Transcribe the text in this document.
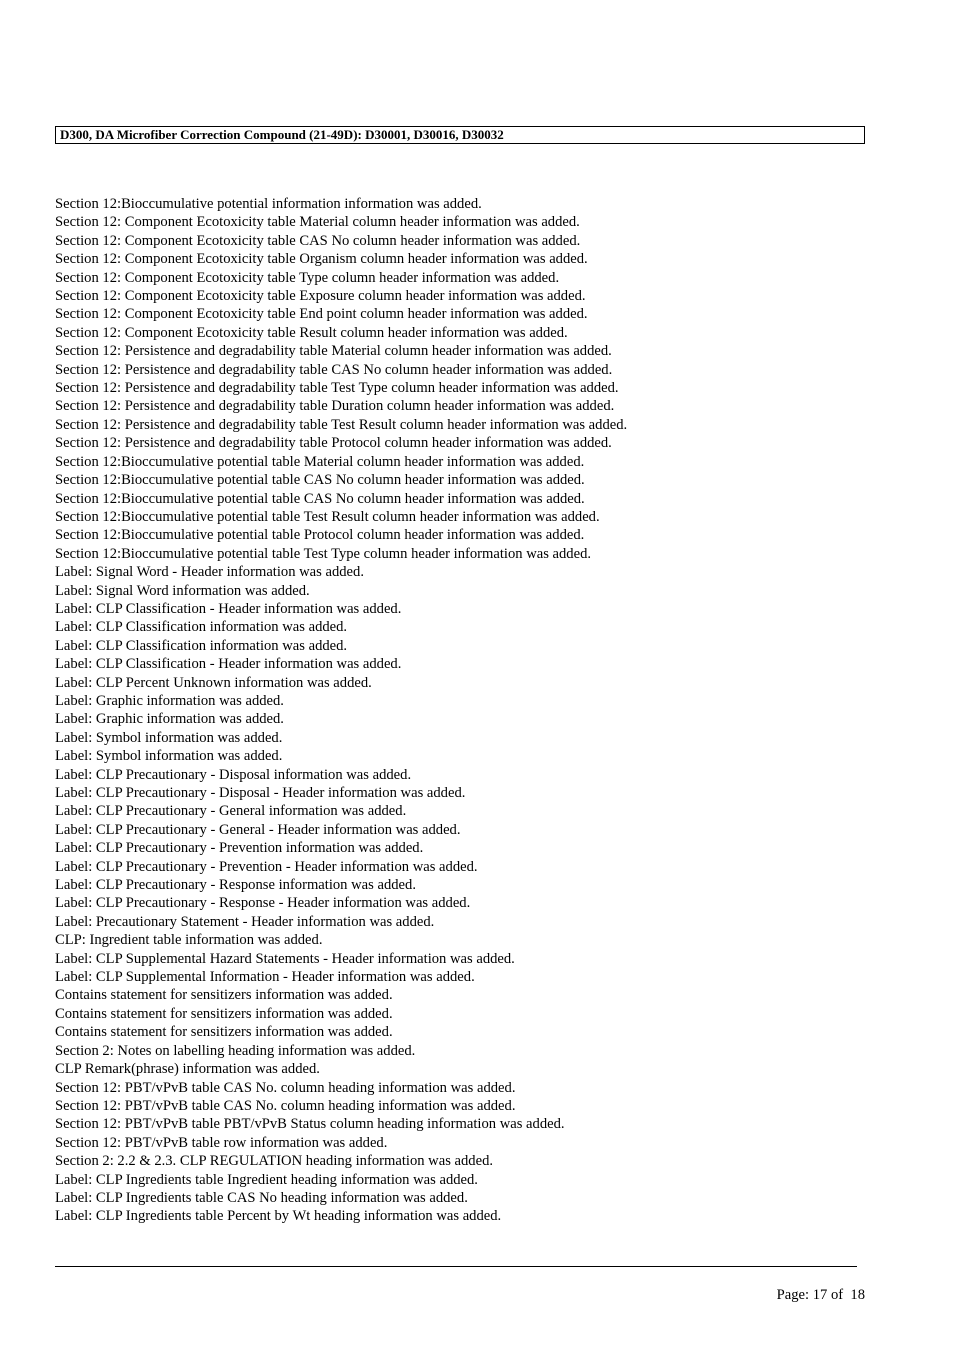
D300, DA Microfiber Correction Compound (21-49D): D30001, D30016, D30032
Section 12:Bioccumulative potential information information was added.
Section 12: Component Ecotoxicity table Material column header information was added.
Section 12: Component Ecotoxicity table CAS No column header information was added.
Section 12: Component Ecotoxicity table Organism column header information was added.
Section 12: Component Ecotoxicity table Type column header information was added.
Section 12: Component Ecotoxicity table Exposure column header information was added.
Section 12: Component Ecotoxicity table End point column header information was added.
Section 12: Component Ecotoxicity table Result column header information was added.
Section 12: Persistence and degradability table Material column header information was added.
Section 12: Persistence and degradability table CAS No column header information was added.
Section 12: Persistence and degradability table Test Type column header information was added.
Section 12: Persistence and degradability table Duration column header information was added.
Section 12: Persistence and degradability table Test Result column header information was added.
Section 12: Persistence and degradability table Protocol column header information was added.
Section 12:Bioccumulative potential table Material column header information was added.
Section 12:Bioccumulative potential table CAS No column header information was added.
Section 12:Bioccumulative potential table CAS No column header information was added.
Section 12:Bioccumulative potential table Test Result column header information was added.
Section 12:Bioccumulative potential table Protocol column header information was added.
Section 12:Bioccumulative potential table Test Type column header information was added.
Label: Signal Word - Header information was added.
Label: Signal Word information was added.
Label: CLP Classification - Header information was added.
Label: CLP Classification information was added.
Label: CLP Classification information was added.
Label: CLP Classification - Header information was added.
Label: CLP Percent Unknown information was added.
Label: Graphic information was added.
Label: Graphic information was added.
Label: Symbol information was added.
Label: Symbol information was added.
Label: CLP Precautionary - Disposal information was added.
Label: CLP Precautionary - Disposal - Header information was added.
Label: CLP Precautionary - General information was added.
Label: CLP Precautionary - General - Header information was added.
Label: CLP Precautionary - Prevention information was added.
Label: CLP Precautionary - Prevention - Header information was added.
Label: CLP Precautionary - Response information was added.
Label: CLP Precautionary - Response - Header information was added.
Label: Precautionary Statement - Header information was added.
CLP: Ingredient table information was added.
Label: CLP Supplemental Hazard Statements - Header information was added.
Label: CLP Supplemental Information - Header information was added.
Contains statement for sensitizers information was added.
Contains statement for sensitizers information was added.
Contains statement for sensitizers information was added.
Section 2: Notes on labelling heading information was added.
CLP Remark(phrase) information was added.
Section 12: PBT/vPvB table CAS No. column heading information was added.
Section 12: PBT/vPvB table CAS No. column heading information was added.
Section 12: PBT/vPvB table PBT/vPvB Status column heading information was added.
Section 12: PBT/vPvB table row information was added.
Section 2: 2.2 & 2.3. CLP REGULATION heading information was added.
Label: CLP Ingredients table Ingredient heading information was added.
Label: CLP Ingredients table CAS No heading information was added.
Label: CLP Ingredients table Percent by Wt heading information was added.
Page: 17 of  18
